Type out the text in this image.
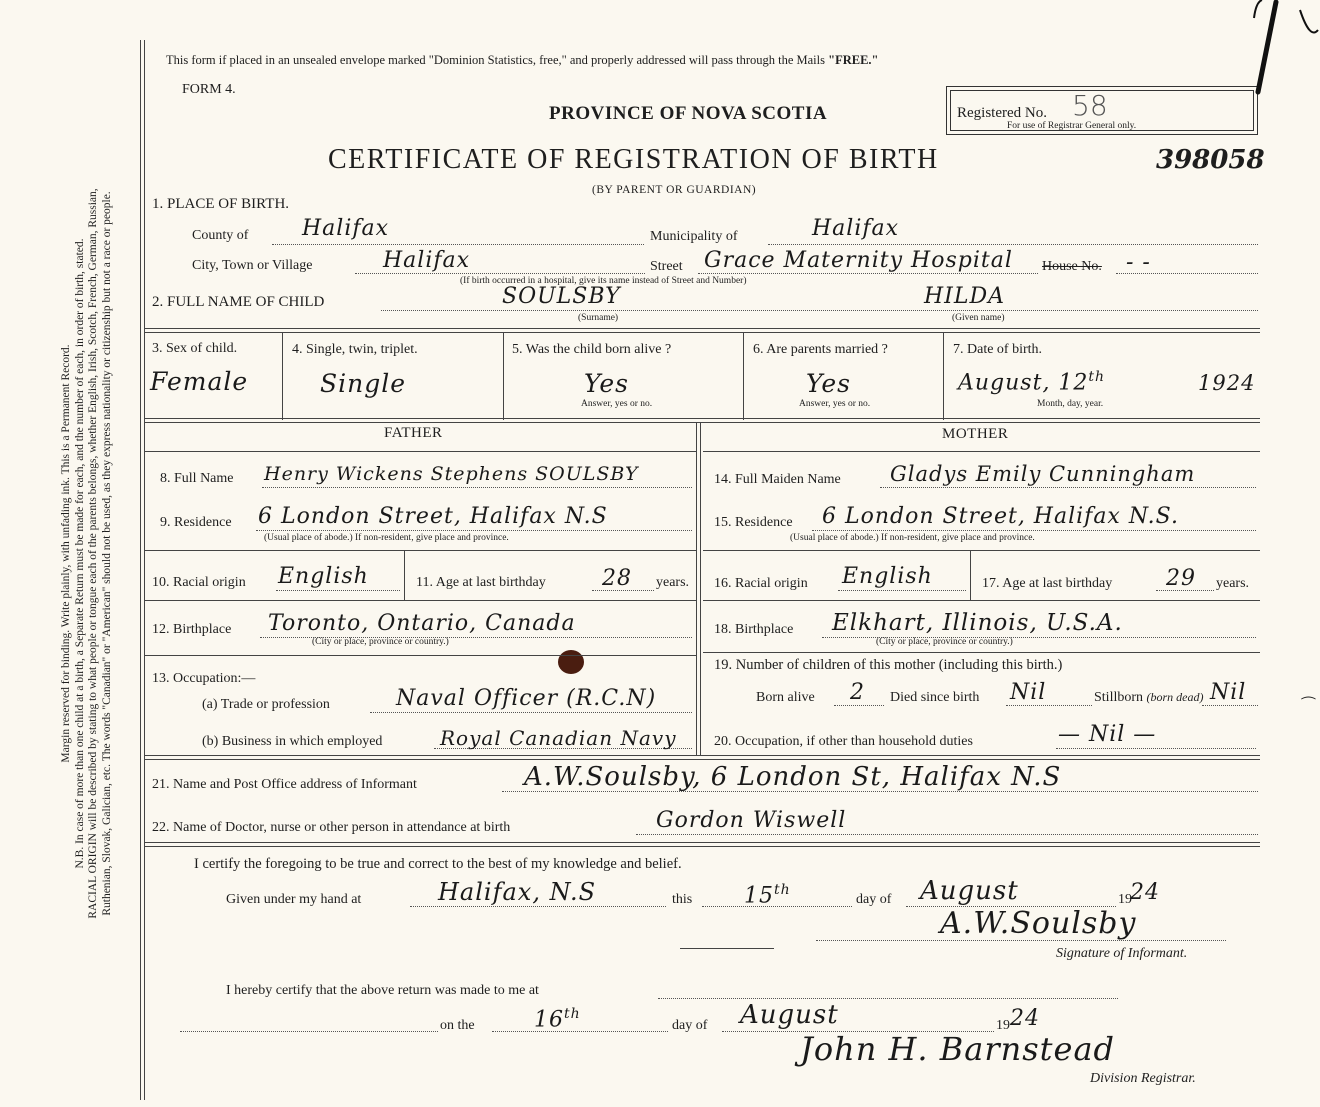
Margin reserved for binding. Write plainly, with unfading ink. This is a Permanent Record. N.B. In case of more than one child at a birth, a Separate Return must be made for each, and the number of each, in order of birth, stated. RACIAL ORIGIN will be described by stating to what people or tongue each of the parents belongs, whether English, Irish, Scotch, French, German, Russian, Ruthenian, Slovak, Galician, etc. The words "Canadian" or "American" should not be used, as they express nationality or citizenship but not a race or people.
This form if placed in an unsealed envelope marked "Dominion Statistics, free," and properly addressed will pass through the Mails "FREE."
FORM 4.
PROVINCE OF NOVA SCOTIA	Registered No. 58
For use of Registrar General only.
CERTIFICATE OF REGISTRATION OF BIRTH	398058
(BY PARENT OR GUARDIAN)
1. PLACE OF BIRTH.
County of Halifax	Municipality of	Halifax
City, Town or Village	Halifax	Street Grace Maternity Hospital House No. - -
(If birth occurred in a hospital, give its name instead of Street and Number)
2. FULL NAME OF CHILD	SOULSBY
(Surname)
HILDA
(Given name)
3. Sex of child.
Female
4. Single, twin, triplet.
Single
5. Was the child born alive ?
Yes
Answer, yes or no.
6. Are parents married ?
Yes
Answer, yes or no.
7. Date of birth.
August, 12th	1924
Month, day, year.
FATHER	MOTHER
8. Full Name Henry Wickens Stephens SOULSBY
9. Residence 6 London Street, Halifax N.S
(Usual place of abode.) If non-resident, give place and province.
10. Racial origin English	11. Age at last birthday	28 years.
12. Birthplace Toronto, Ontario, Canada
(City or place, province or country.)
13. Occupation:—
(a) Trade or profession	Naval Officer (R.C.N)
(b) Business in which employed	Royal Canadian Navy
14. Full Maiden Name Gladys Emily Cunningham
15. Residence 6 London Street, Halifax N.S.
(Usual place of abode.) If non-resident, give place and province.
16. Racial origin English	17. Age at last birthday 29 years.
18. Birthplace Elkhart, Illinois, U.S.A.
(City or place, province or country.)
19. Number of children of this mother (including this birth.)
Born alive 2 Died since birth Nil	Stillborn (born dead) Nil
20. Occupation, if other than household duties	— Nil —
21. Name and Post Office address of Informant	A.W.Soulsby, 6 London St, Halifax N.S
22. Name of Doctor, nurse or other person in attendance at birth	Gordon Wiswell
I certify the foregoing to be true and correct to the best of my knowledge and belief.
Given under my hand at	Halifax, N.S	this 15th
day of August	19
24
A.W.Soulsby
Signature of Informant.
I hereby certify that the above return was made to me at
on the	16th
day of August	19 24
John H. Barnstead
Division Registrar.
⁔
